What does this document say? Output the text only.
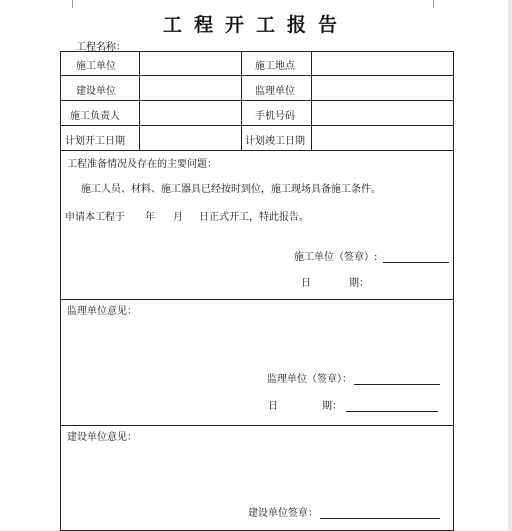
工程开工报告
工程名称：
施工单位	施工地点
建设单位	监理单位
施工负责人	手机号码
计划开工日期	计划竣工日期
工程准备情况及存在的主要问题：
施工人员、材料、施工器具已经按时到位，施工现场具备施工条件。
申请本工程于 年 月 日正式开工，特此报告。
施工单位（签章）:
日	期：
监理单位意见：
监理单位（签章）：
日	期：
建设单位意见：
建设单位签章：
